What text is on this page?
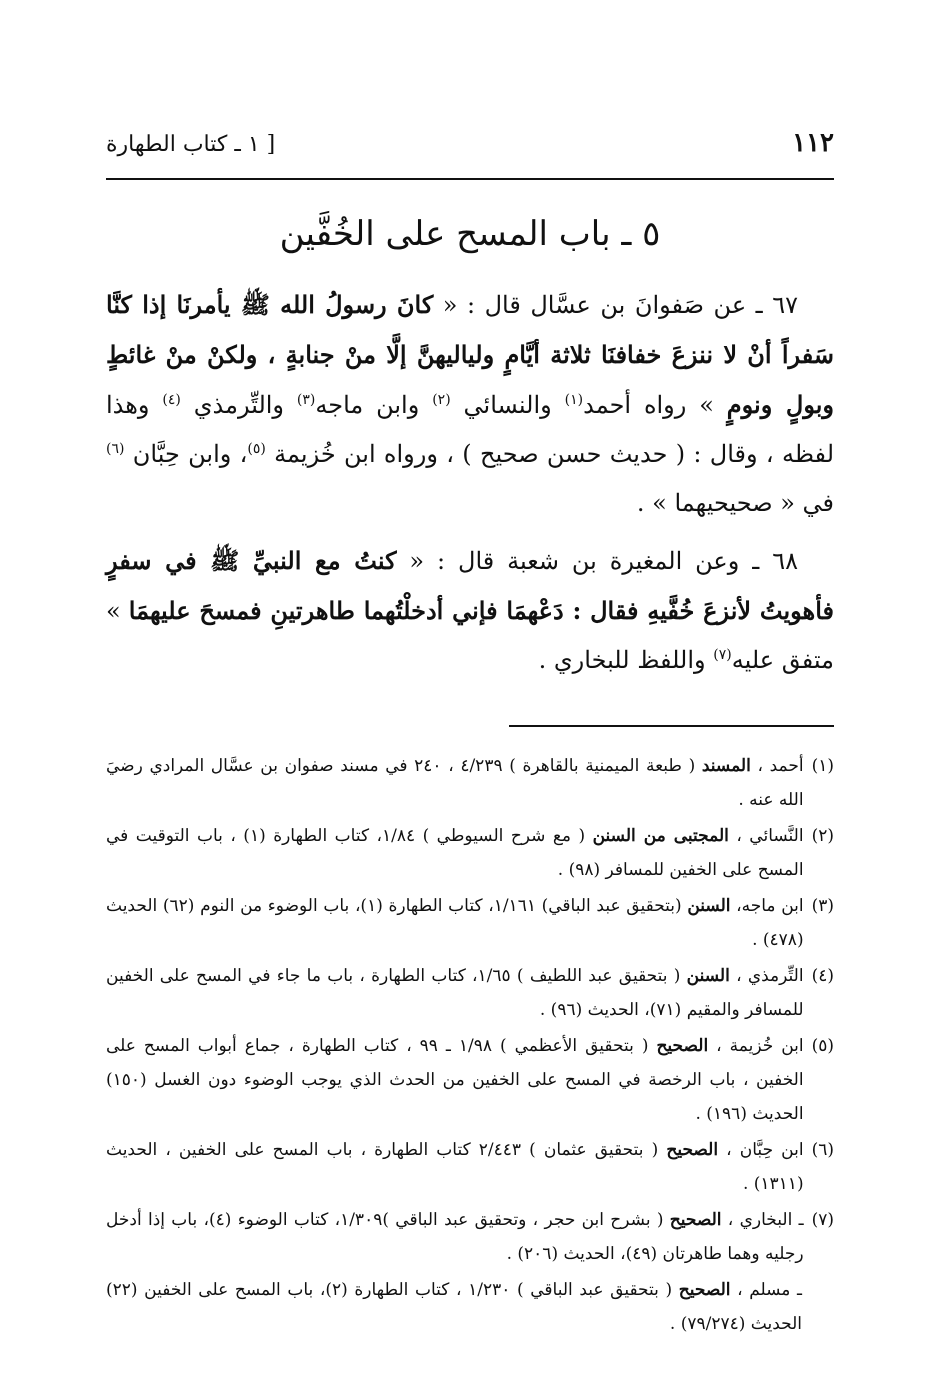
١١٢
[ ١ ـ كتاب الطهارة
٥ ـ باب المسح على الخُفَّين

٦٧ ـ عن صَفوانَ بن عسَّال قال : « كانَ رسولُ الله ﷺ يأمرنَا إذا كنَّا سَفراً أنْ لا ننزعَ خفافنَا ثلاثة أيَّامٍ ولياليهنَّ إلَّا منْ جنابةٍ ، ولكنْ منْ غائطٍ وبولٍ ونومٍ » رواه أحمد$^{(١)}$ والنسائي $^{(٢)}$ وابن ماجه$^{(٣)}$ والتِّرمذي $^{(٤)}$ وهذا لفظه ، وقال : ( حديث حسن صحيح ) ، ورواه ابن خُزيمة $^{(٥)}$، وابن حِبَّان $^{(٦)}$ في « صحيحيهما » .

٦٨ ـ وعن المغيرة بن شعبة قال : « كنتُ مع النبيِّ ﷺ في سفرٍ فأهويتُ لأنزعَ خُفَّيهِ فقال : دَعْهمَا فإني أدخلْتُهما طاهرتينِ فمسحَ عليهمَا » متفق عليه$^{(٧)}$ واللفظ للبخاري .

(١)
أحمد ، المسند ( طبعة الميمنية بالقاهرة ) ٤/٢٣٩ ، ٢٤٠ في مسند صفوان بن عسَّال المرادي رضيَ الله عنه .
(٢)
النَّسائي ، المجتبى من السنن ( مع شرح السيوطي ) ١/٨٤، كتاب الطهارة (١) ، باب التوقيت في المسح على الخفين للمسافر (٩٨) .
(٣)
ابن ماجه، السنن (بتحقيق عبد الباقي) ١/١٦١، كتاب الطهارة (١)، باب الوضوء من النوم (٦٢) الحديث (٤٧٨) .
(٤)
التِّرمذي ، السنن ( بتحقيق عبد اللطيف ) ١/٦٥، كتاب الطهارة ، باب ما جاء في المسح على الخفين للمسافر والمقيم (٧١)، الحديث (٩٦) .
(٥)
ابن خُزيمة ، الصحيح ( بتحقيق الأعظمي ) ١/٩٨ ـ ٩٩ ، كتاب الطهارة ، جماع أبواب المسح على الخفين ، باب الرخصة في المسح على الخفين من الحدث الذي يوجب الوضوء دون الغسل (١٥٠) الحديث (١٩٦) .
(٦)
ابن حِبَّان ، الصحيح ( بتحقيق عثمان ) ٢/٤٤٣ كتاب الطهارة ، باب المسح على الخفين ، الحديث (١٣١١) .
(٧)
ـ البخاري ، الصحيح ( بشرح ابن حجر ، وتحقيق عبد الباقي )١/٣٠٩، كتاب الوضوء (٤)، باب إذا أدخل رجليه وهما طاهرتان (٤٩)، الحديث (٢٠٦) .
ـ مسلم ، الصحيح ( بتحقيق عبد الباقي ) ١/٢٣٠ ، كتاب الطهارة (٢)، باب المسح على الخفين (٢٢) الحديث (٧٩/٢٧٤) .
